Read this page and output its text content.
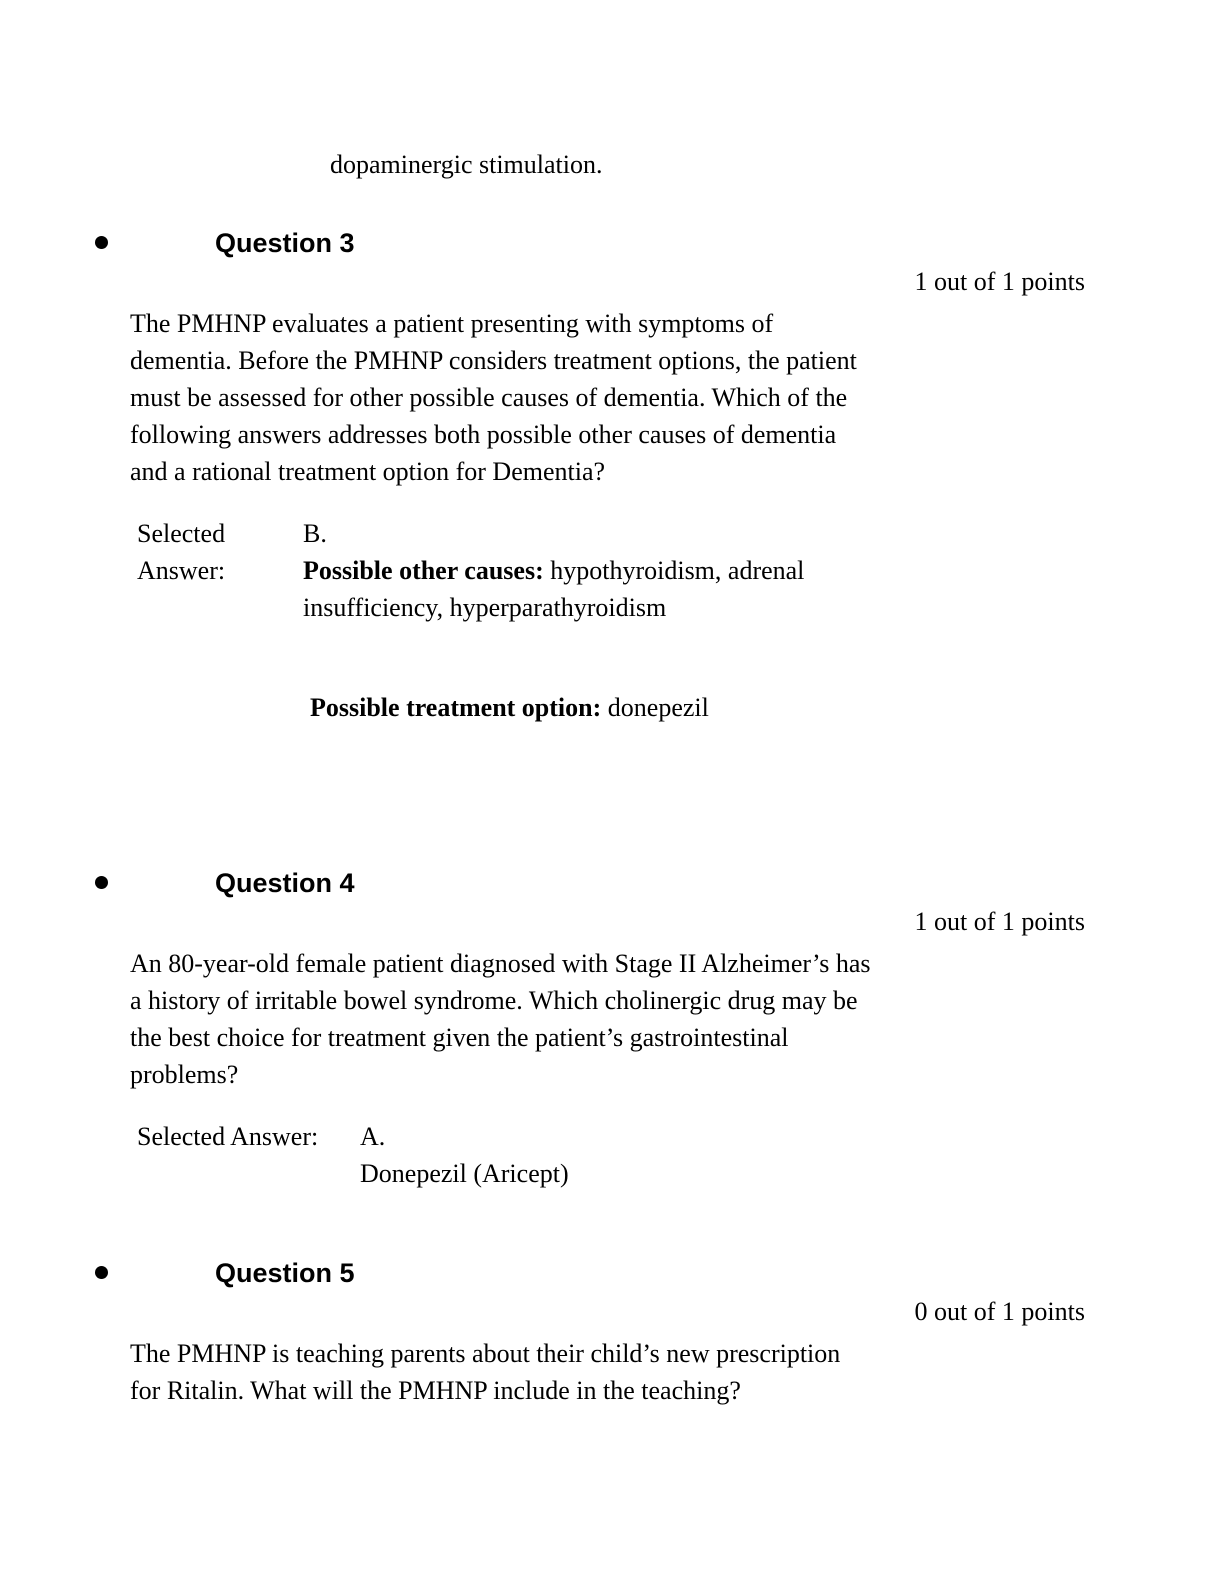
dopaminergic stimulation.
Question 3
1 out of 1 points
The PMHNP evaluates a patient presenting with symptoms of
dementia. Before the PMHNP considers treatment options, the patient
must be assessed for other possible causes of dementia. Which of the
following answers addresses both possible other causes of dementia
and a rational treatment option for Dementia?
Selected Answer:
B.
Possible other causes: hypothyroidism, adrenal insufficiency, hyperparathyroidism
Possible treatment option: donepezil
Question 4
1 out of 1 points
An 80-year-old female patient diagnosed with Stage II Alzheimer’s has
a history of irritable bowel syndrome. Which cholinergic drug may be
the best choice for treatment given the patient’s gastrointestinal
problems?
Selected Answer:	A.
Donepezil (Aricept)
Question 5
0 out of 1 points
The PMHNP is teaching parents about their child’s new prescription
for Ritalin. What will the PMHNP include in the teaching?
